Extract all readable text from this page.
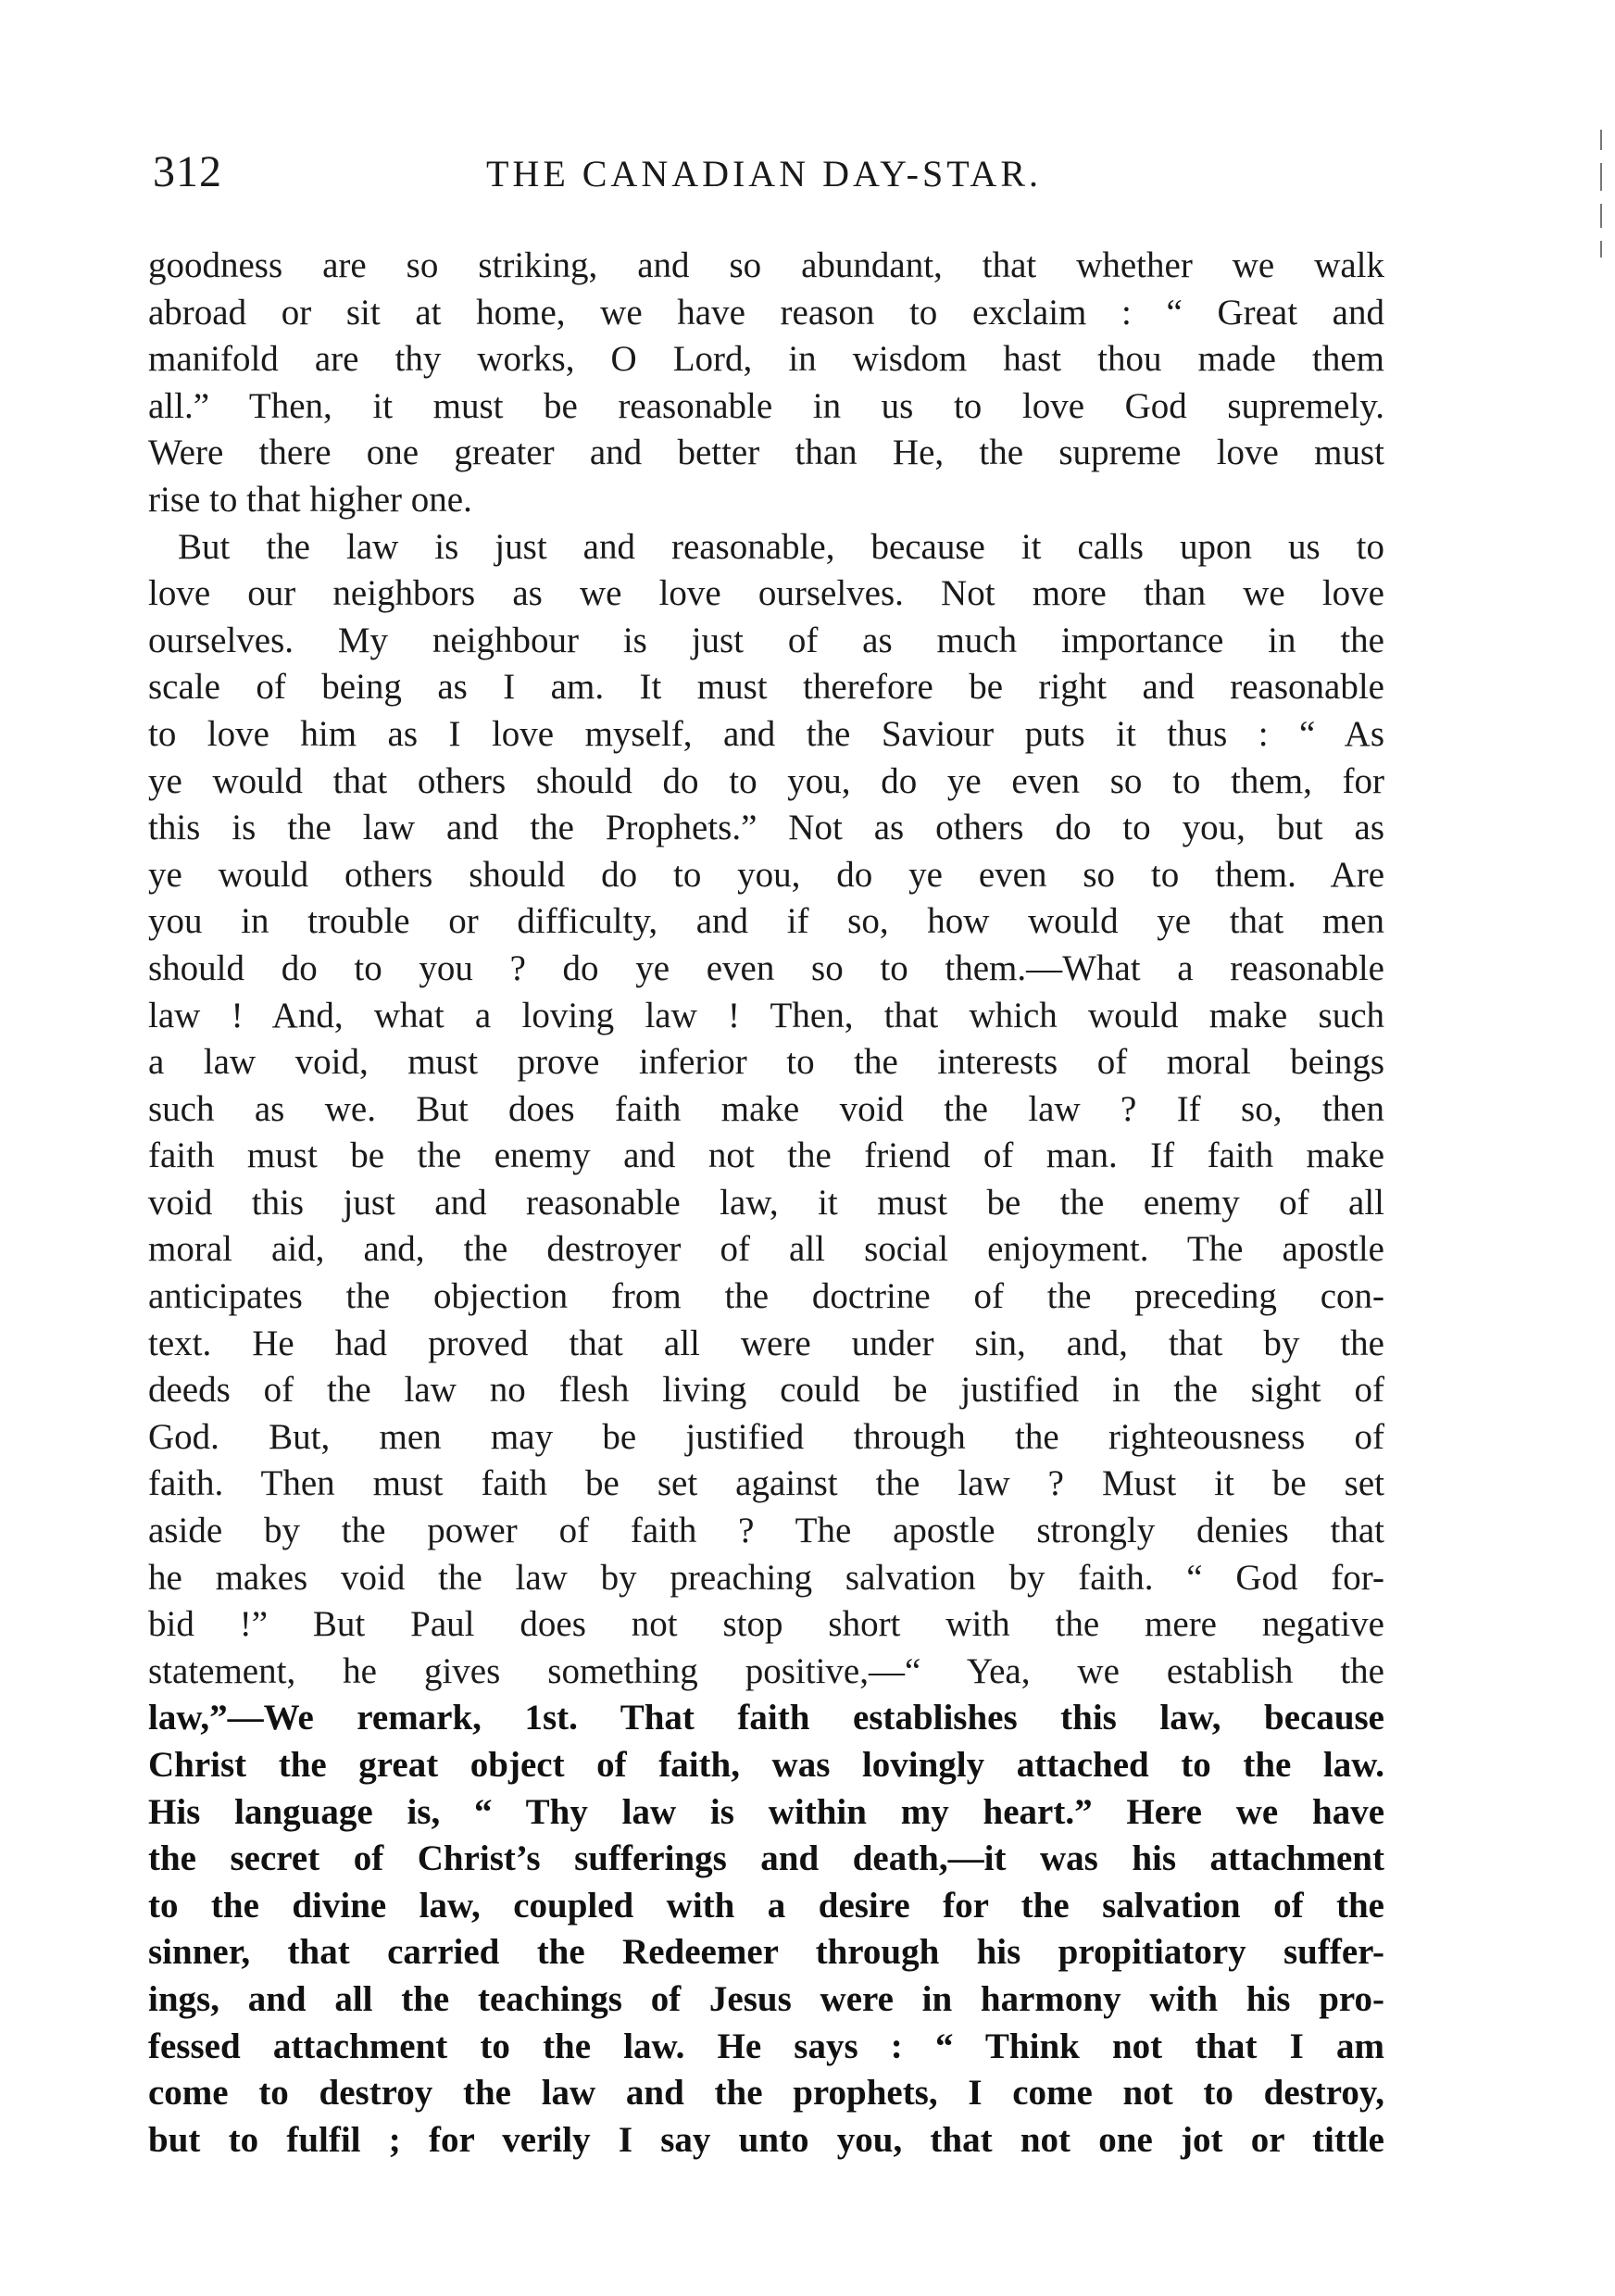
312	THE CANADIAN DAY-STAR.
goodness are so striking, and so abundant, that whether we walk
abroad or sit at home, we have reason to exclaim : “ Great and
manifold are thy works, O Lord, in wisdom hast thou made them
all.” Then, it must be reasonable in us to love God supremely.
Were there one greater and better than He, the supreme love must
rise to that higher one.
But the law is just and reasonable, because it calls upon us to
love our neighbors as we love ourselves. Not more than we love
ourselves. My neighbour is just of as much importance in the
scale of being as I am. It must therefore be right and reasonable
to love him as I love myself, and the Saviour puts it thus : “ As
ye would that others should do to you, do ye even so to them, for
this is the law and the Prophets.” Not as others do to you, but as
ye would others should do to you, do ye even so to them. Are
you in trouble or difficulty, and if so, how would ye that men
should do to you ? do ye even so to them.—What a reasonable
law ! And, what a loving law ! Then, that which would make such
a law void, must prove inferior to the interests of moral beings
such as we. But does faith make void the law ? If so, then
faith must be the enemy and not the friend of man. If faith make
void this just and reasonable law, it must be the enemy of all
moral aid, and, the destroyer of all social enjoyment. The apostle
anticipates the objection from the doctrine of the preceding con-
text. He had proved that all were under sin, and, that by the
deeds of the law no flesh living could be justified in the sight of
God. But, men may be justified through the righteousness of
faith. Then must faith be set against the law ? Must it be set
aside by the power of faith ? The apostle strongly denies that
he makes void the law by preaching salvation by faith. “ God for-
bid !” But Paul does not stop short with the mere negative
statement, he gives something positive,—“ Yea, we establish the
law,”—We remark, 1st. That faith establishes this law, because
Christ the great object of faith, was lovingly attached to the law.
His language is, “ Thy law is within my heart.” Here we have
the secret of Christ’s sufferings and death,—it was his attachment
to the divine law, coupled with a desire for the salvation of the
sinner, that carried the Redeemer through his propitiatory suffer-
ings, and all the teachings of Jesus were in harmony with his pro-
fessed attachment to the law. He says : “ Think not that I am
come to destroy the law and the prophets, I come not to destroy,
but to fulfil ; for verily I say unto you, that not one jot or tittle
